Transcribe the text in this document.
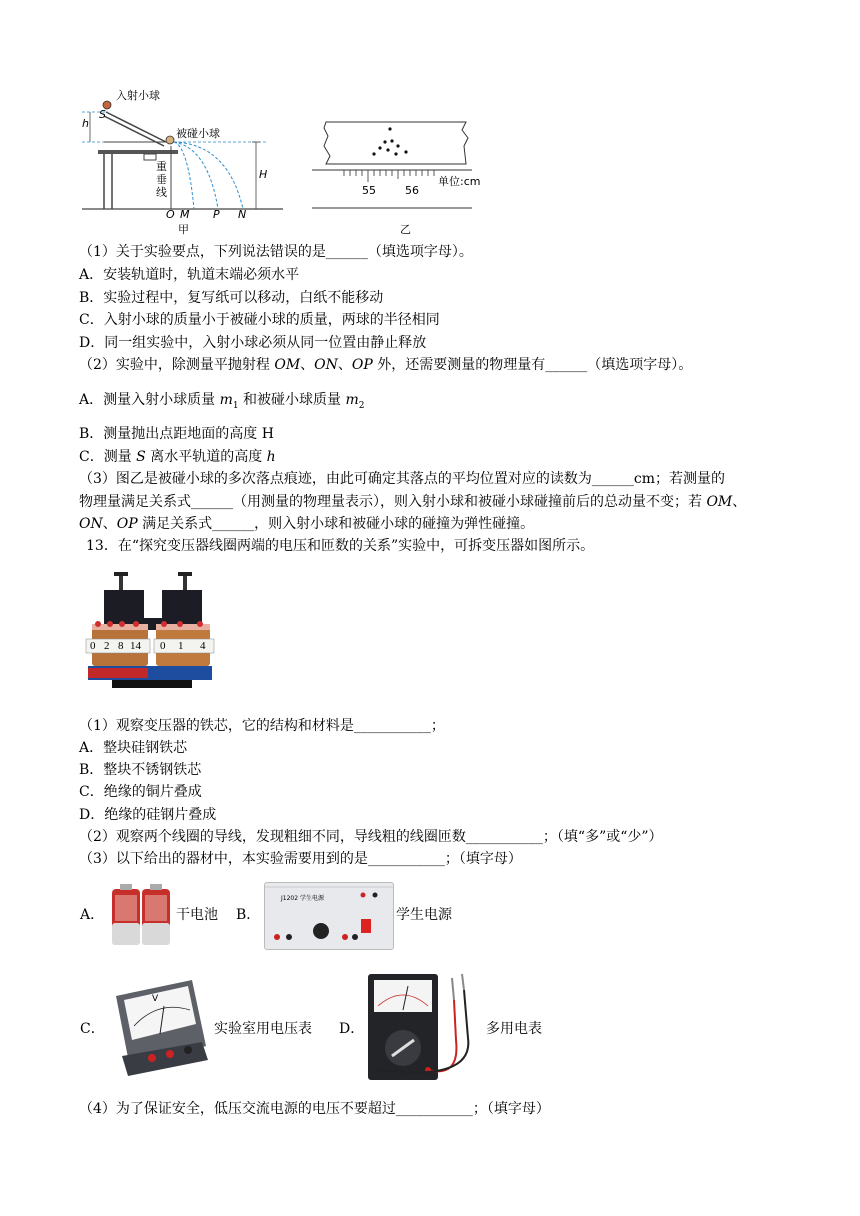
入射小球
S
h
被碰小球
重垂线
H
O M P N
甲
55	56
单位:cm
乙
（1）关于实验要点，下列说法错误的是______（填选项字母）。
A．安装轨道时，轨道末端必须水平
B．实验过程中，复写纸可以移动，白纸不能移动
C．入射小球的质量小于被碰小球的质量，两球的半径相同
D．同一组实验中，入射小球必须从同一位置由静止释放
（2）实验中，除测量平抛射程 OM、ON、OP 外，还需要测量的物理量有______（填选项字母）。
A．测量入射小球质量 $m_1$ 和被碰小球质量 $m_2$
B．测量抛出点距地面的高度 H
C．测量 S 离水平轨道的高度 h
（3）图乙是被碰小球的多次落点痕迹，由此可确定其落点的平均位置对应的读数为______cm；若测量的
物理量满足关系式______（用测量的物理量表示），则入射小球和被碰小球碰撞前后的总动量不变；若 OM、
ON、OP 满足关系式______，则入射小球和被碰小球的碰撞为弹性碰撞。
13．在“探究变压器线圈两端的电压和匝数的关系”实验中，可拆变压器如图所示。
0 2 8 14 0 1 4
（1）观察变压器的铁芯，它的结构和材料是___________；
A．整块硅钢铁芯
B．整块不锈钢铁芯
C．绝缘的铜片叠成
D．绝缘的硅钢片叠成
（2）观察两个线圈的导线，发现粗细不同，导线粗的线圈匝数___________；（填“多”或“少”）
（3）以下给出的器材中，本实验需要用到的是___________；（填字母）
A．	干电池 B．
J1202 学生电源
学生电源
C．
V
实验室用电压表 D．	多用电表
（4）为了保证安全，低压交流电源的电压不要超过___________；（填字母）
